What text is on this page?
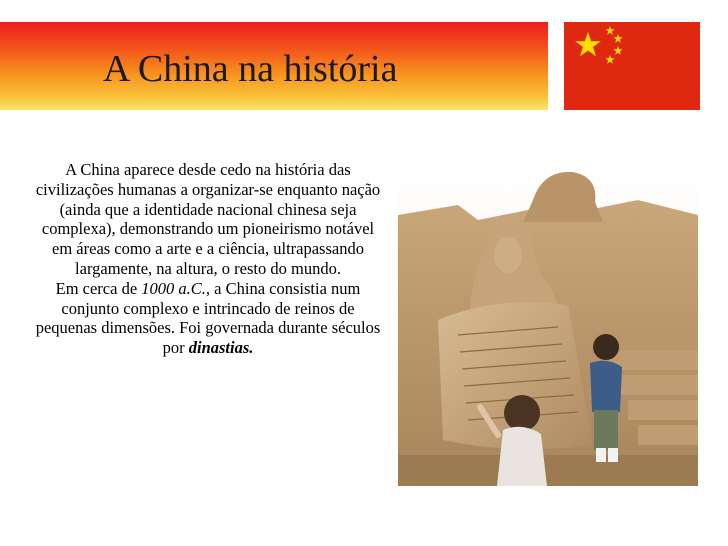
A China na história

A China aparece desde cedo na história das civilizações humanas a organizar-se enquanto nação (ainda que a identidade nacional chinesa seja complexa), demonstrando um pioneirismo notável em áreas como a arte e a ciência, ultrapassando largamente, na altura, o resto do mundo.

Em cerca de 1000 a.C., a China consistia num conjunto complexo e intrincado de reinos de pequenas dimensões. Foi governada durante séculos por dinastias.
